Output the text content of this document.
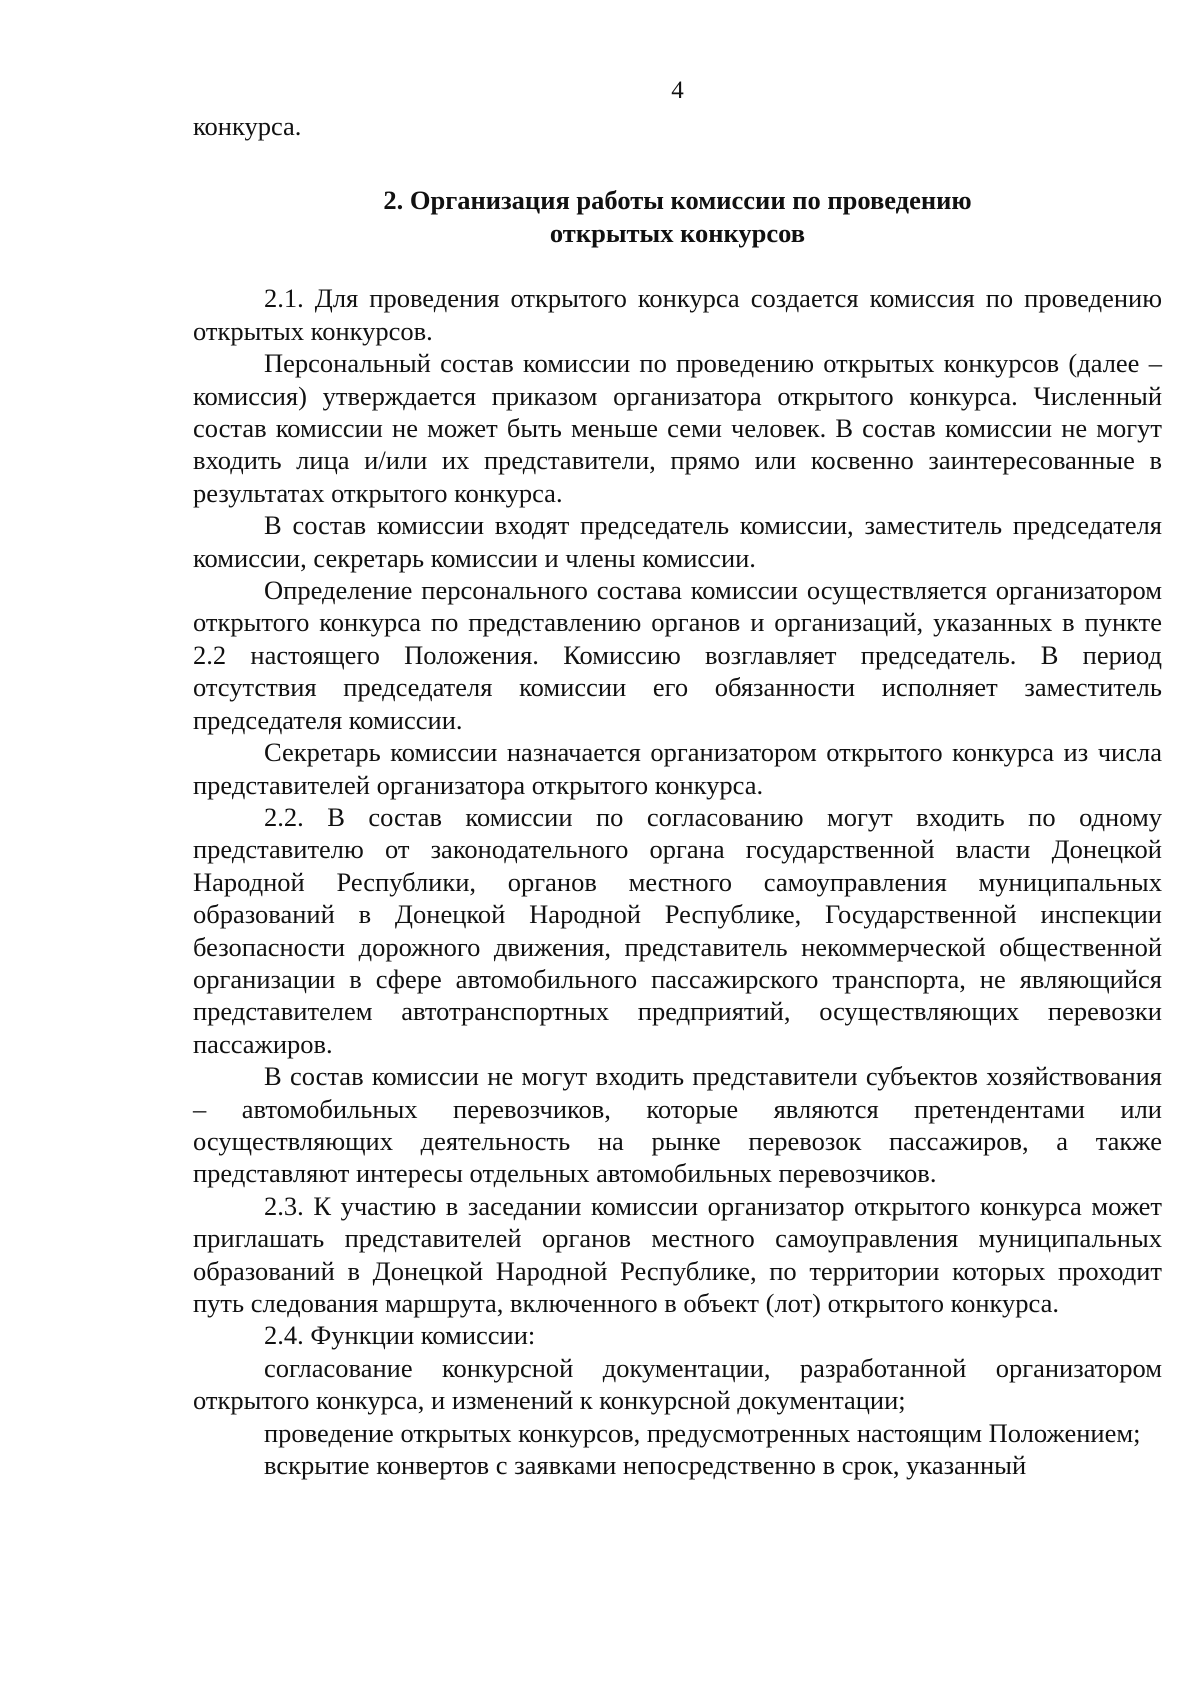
4

конкурса.

2. Организация работы комиссии по проведению
открытых конкурсов

2.1. Для проведения открытого конкурса создается комиссия по проведению открытых конкурсов.

Персональный состав комиссии по проведению открытых конкурсов (далее – комиссия) утверждается приказом организатора открытого конкурса. Численный состав комиссии не может быть меньше семи человек. В состав комиссии не могут входить лица и/или их представители, прямо или косвенно заинтересованные в результатах открытого конкурса.

В состав комиссии входят председатель комиссии, заместитель председателя комиссии, секретарь комиссии и члены комиссии.

Определение персонального состава комиссии осуществляется организатором открытого конкурса по представлению органов и организаций, указанных в пункте 2.2 настоящего Положения. Комиссию возглавляет председатель. В период отсутствия председателя комиссии его обязанности исполняет заместитель председателя комиссии.

Секретарь комиссии назначается организатором открытого конкурса из числа представителей организатора открытого конкурса.

2.2. В состав комиссии по согласованию могут входить по одному представителю от законодательного органа государственной власти Донецкой Народной Республики, органов местного самоуправления муниципальных образований в Донецкой Народной Республике, Государственной инспекции безопасности дорожного движения, представитель некоммерческой общественной организации в сфере автомобильного пассажирского транспорта, не являющийся представителем автотранспортных предприятий, осуществляющих перевозки пассажиров.

В состав комиссии не могут входить представители субъектов хозяйствования – автомобильных перевозчиков, которые являются претендентами или осуществляющих деятельность на рынке перевозок пассажиров, а также представляют интересы отдельных автомобильных перевозчиков.

2.3. К участию в заседании комиссии организатор открытого конкурса может приглашать представителей органов местного самоуправления муниципальных образований в Донецкой Народной Республике, по территории которых проходит путь следования маршрута, включенного в объект (лот) открытого конкурса.

2.4. Функции комиссии:

согласование конкурсной документации, разработанной организатором открытого конкурса, и изменений к конкурсной документации;

проведение открытых конкурсов, предусмотренных настоящим Положением;

вскрытие конвертов с заявками непосредственно в срок, указанный
